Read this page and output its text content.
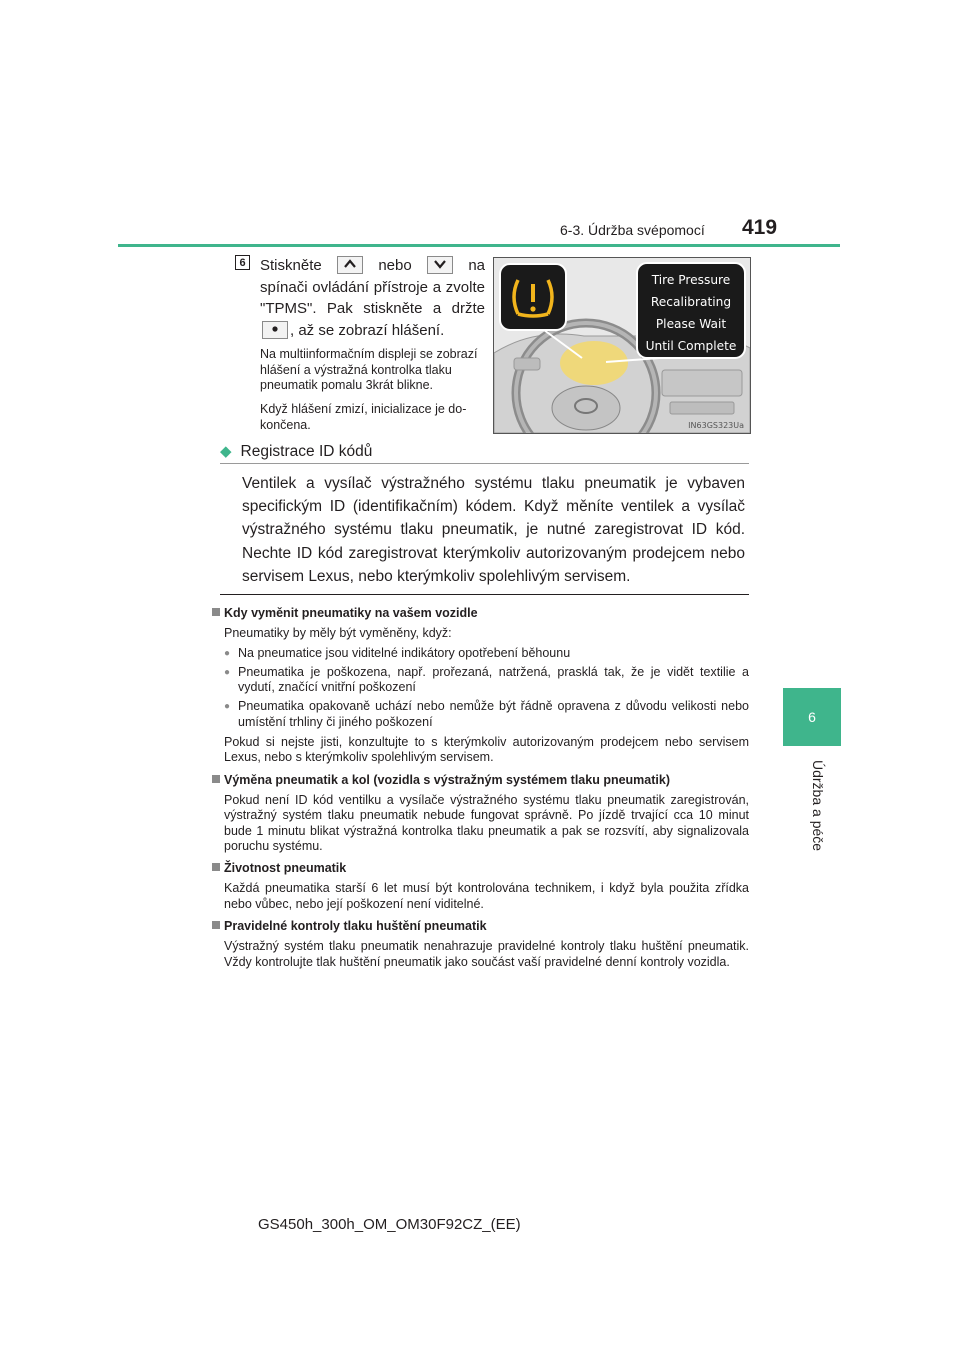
6-3. Údržba svépomocí 419
6
Údržba a péče
6 Stiskněte	nebo	na spínači ovládání přístroje a zvolte "TPMS". Pak stiskněte a držte
, až se zobrazí hlášení.
Na multiinformačním displeji se zobrazí hlášení a výstražná kontrolka tlaku pneumatik pomalu 3krát blikne.
Když hlášení zmizí, inicializace je dokončena.
Tire Pressure
Recalibrating
Please Wait
Until Complete
IN63GS323Ua
◆ Registrace ID kódů
Ventilek a vysílač výstražného systému tlaku pneumatik je vybaven specifickým ID (identifikačním) kódem. Když měníte ventilek a vysílač výstražného systému tlaku pneumatik, je nutné zaregistrovat ID kód. Nechte ID kód zaregistrovat kterýmkoliv autorizovaným prodejcem nebo servisem Lexus, nebo kterýmkoliv spolehlivým servisem.
Kdy vyměnit pneumatiky na vašem vozidle
Pneumatiky by měly být vyměněny, když:
● Na pneumatice jsou viditelné indikátory opotřebení běhounu
● Pneumatika je poškozena, např. prořezaná, natržená, prasklá tak, že je vidět textilie a vydutí, značící vnitřní poškození
● Pneumatika opakovaně uchází nebo nemůže být řádně opravena z důvodu velikosti nebo umístění trhliny či jiného poškození
Pokud si nejste jisti, konzultujte to s kterýmkoliv autorizovaným prodejcem nebo servisem Lexus, nebo s kterýmkoliv spolehlivým servisem.
Výměna pneumatik a kol (vozidla s výstražným systémem tlaku pneumatik)
Pokud není ID kód ventilku a vysílače výstražného systému tlaku pneumatik zaregistrován, výstražný systém tlaku pneumatik nebude fungovat správně. Po jízdě trvající cca 10 minut bude 1 minutu blikat výstražná kontrolka tlaku pneumatik a pak se rozsvítí, aby signalizovala poruchu systému.
Životnost pneumatik
Každá pneumatika starší 6 let musí být kontrolována technikem, i když byla použita zřídka nebo vůbec, nebo její poškození není viditelné.
Pravidelné kontroly tlaku huštění pneumatik
Výstražný systém tlaku pneumatik nenahrazuje pravidelné kontroly tlaku huštění pneumatik. Vždy kontrolujte tlak huštění pneumatik jako součást vaší pravidelné denní kontroly vozidla.
GS450h_300h_OM_OM30F92CZ_(EE)
